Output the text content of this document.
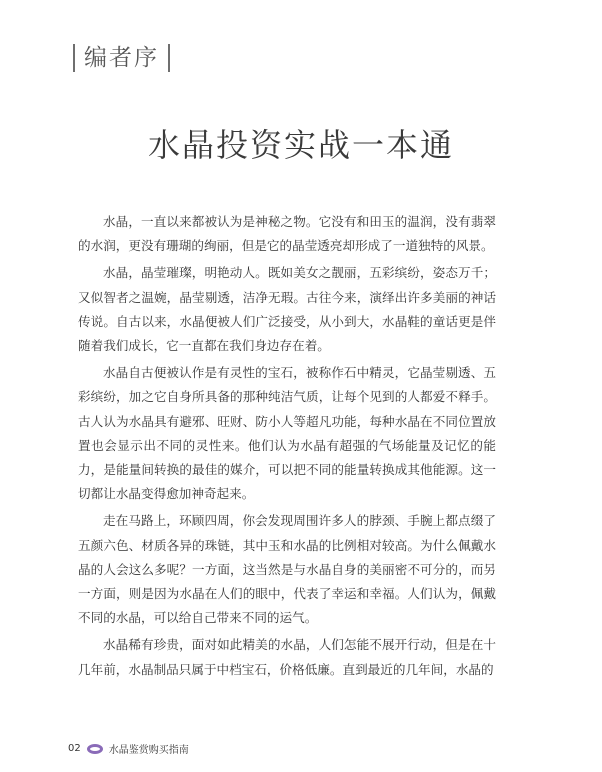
编者序
水晶投资实战一本通

水晶，一直以来都被认为是神秘之物。它没有和田玉的温润，没有翡翠的水润，更没有珊瑚的绚丽，但是它的晶莹透亮却形成了一道独特的风景。

水晶，晶莹璀璨，明艳动人。既如美女之靓丽，五彩缤纷，姿态万千；又似智者之温婉，晶莹剔透，洁净无瑕。古往今来，演绎出许多美丽的神话传说。自古以来，水晶便被人们广泛接受，从小到大，水晶鞋的童话更是伴随着我们成长，它一直都在我们身边存在着。

水晶自古便被认作是有灵性的宝石，被称作石中精灵，它晶莹剔透、五彩缤纷，加之它自身所具备的那种纯洁气质，让每个见到的人都爱不释手。古人认为水晶具有避邪、旺财、防小人等超凡功能，每种水晶在不同位置放置也会显示出不同的灵性来。他们认为水晶有超强的气场能量及记忆的能力，是能量间转换的最佳的媒介，可以把不同的能量转换成其他能源。这一切都让水晶变得愈加神奇起来。

走在马路上，环顾四周，你会发现周围许多人的脖颈、手腕上都点缀了五颜六色、材质各异的珠链，其中玉和水晶的比例相对较高。为什么佩戴水晶的人会这么多呢？一方面，这当然是与水晶自身的美丽密不可分的，而另一方面，则是因为水晶在人们的眼中，代表了幸运和幸福。人们认为，佩戴不同的水晶，可以给自己带来不同的运气。

水晶稀有珍贵，面对如此精美的水晶，人们怎能不展开行动，但是在十几年前，水晶制品只属于中档宝石，价格低廉。直到最近的几年间，水晶的

02	水晶鉴赏购买指南
